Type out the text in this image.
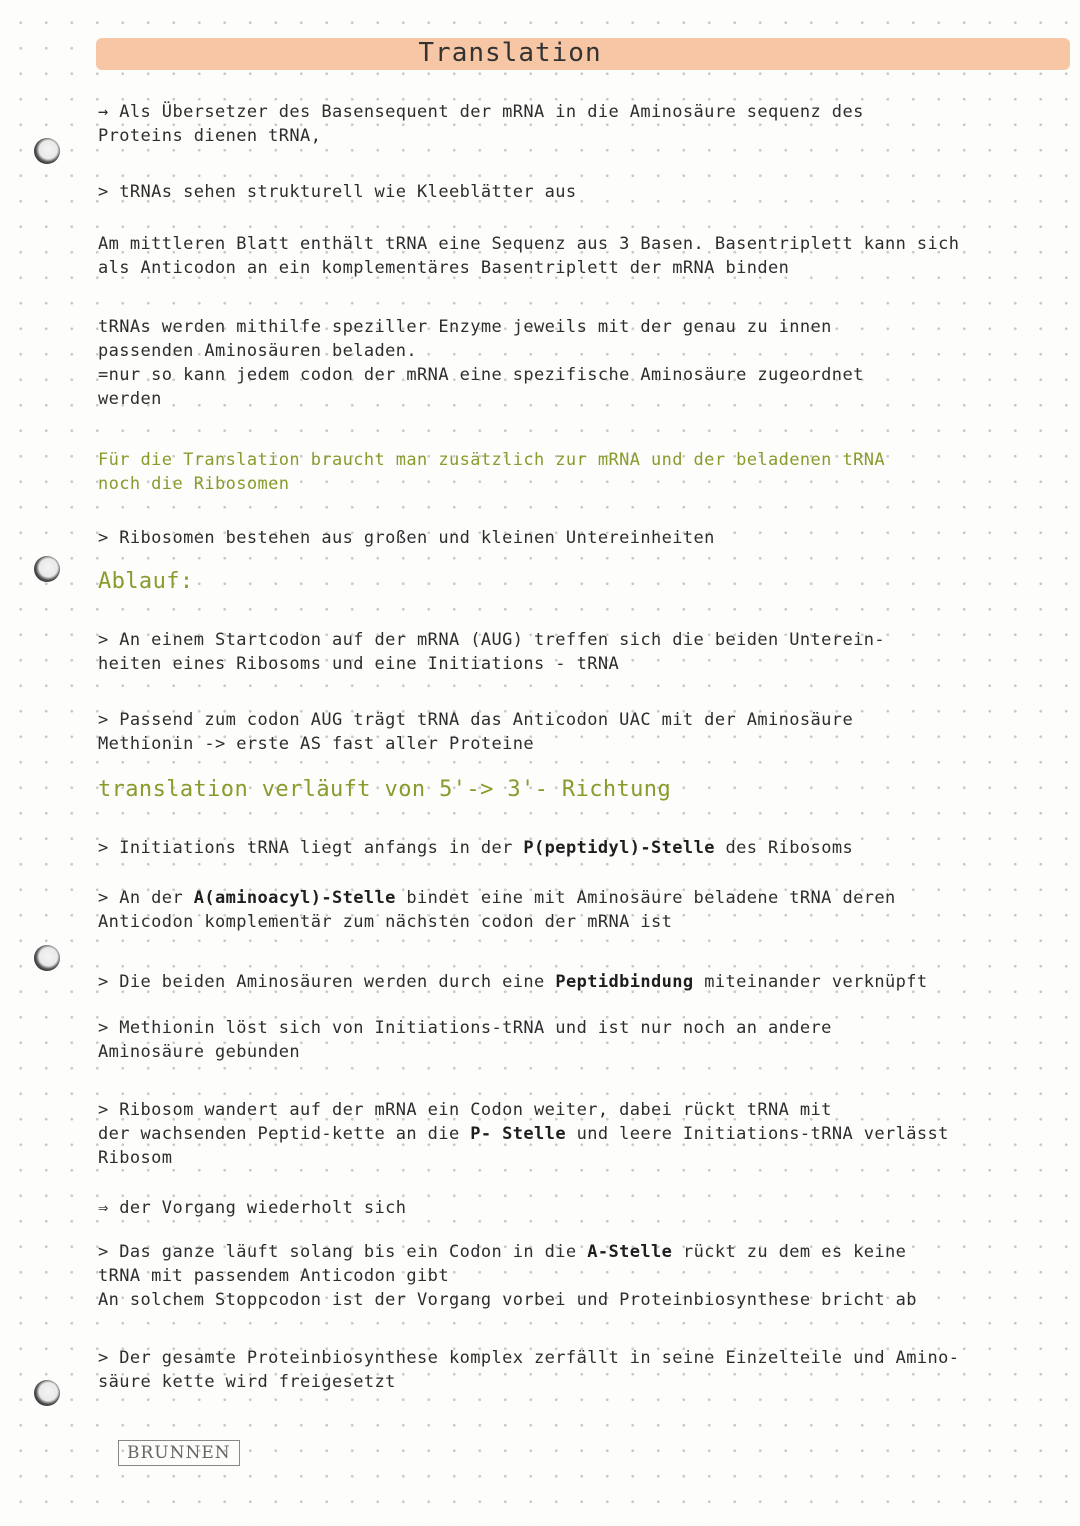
Translation
→ Als Übersetzer des Basensequent der mRNA in die Aminosäure sequenz des
Proteins dienen tRNA,
> tRNAs sehen strukturell wie Kleeblätter aus
Am mittleren Blatt enthält tRNA eine Sequenz aus 3 Basen. Basentriplett kann sich
als Anticodon an ein komplementäres Basentriplett der mRNA binden
tRNAs werden mithilfe speziller Enzyme jeweils mit der genau zu innen
passenden Aminosäuren beladen.
=nur so kann jedem codon der mRNA eine spezifische Aminosäure zugeordnet
werden
Für die Translation braucht man zusätzlich zur mRNA und der beladenen tRNA
noch die Ribosomen
> Ribosomen bestehen aus großen und kleinen Untereinheiten
Ablauf:
> An einem Startcodon auf der mRNA (AUG) treffen sich die beiden Unterein-
heiten eines Ribosoms und eine Initiations - tRNA
> Passend zum codon AUG trägt tRNA das Anticodon UAC mit der Aminosäure
Methionin -> erste AS fast aller Proteine
translation verläuft von 5'-> 3'- Richtung
> Initiations tRNA liegt anfangs in der P(peptidyl)-Stelle des Ribosoms
> An der A(aminoacyl)-Stelle bindet eine mit Aminosäure beladene tRNA deren
Anticodon komplementär zum nächsten codon der mRNA ist
> Die beiden Aminosäuren werden durch eine Peptidbindung miteinander verknüpft
> Methionin löst sich von Initiations-tRNA und ist nur noch an andere
Aminosäure gebunden
> Ribosom wandert auf der mRNA ein Codon weiter, dabei rückt tRNA mit
der wachsenden Peptid-kette an die P- Stelle und leere Initiations-tRNA verlässt
Ribosom
⇒ der Vorgang wiederholt sich
> Das ganze läuft solang bis ein Codon in die A-Stelle rückt zu dem es keine
tRNA mit passendem Anticodon gibt
An solchem Stoppcodon ist der Vorgang vorbei und Proteinbiosynthese bricht ab
> Der gesamte Proteinbiosynthese komplex zerfällt in seine Einzelteile und Amino-
säure kette wird freigesetzt
BRUNNEN
